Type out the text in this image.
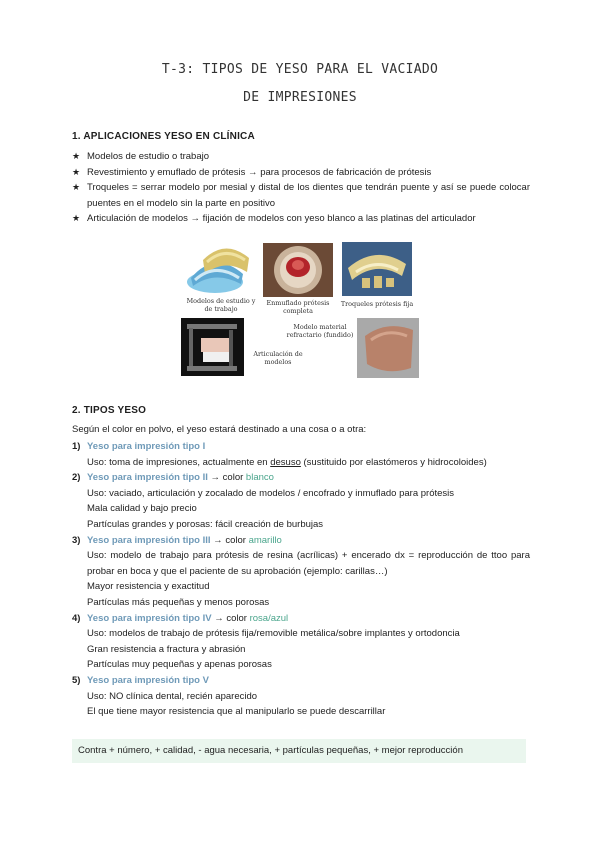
T-3: TIPOS DE YESO PARA EL VACIADO
DE IMPRESIONES
1. APLICACIONES YESO EN CLÍNICA
★ Modelos de estudio o trabajo
★ Revestimiento y emuflado de prótesis → para procesos de fabricación de prótesis
★ Troqueles = serrar modelo por mesial y distal de los dientes que tendrán puente y así se puede colocar puentes en el modelo sin la parte en positivo
★ Articulación de modelos → fijación de modelos con yeso blanco a las platinas del articulador
Modelos de estudio y de trabajo
Enmuflado prótesis completa
Troqueles prótesis fija
Articulación de modelos
Modelo material refractario (fundido)
2. TIPOS YESO
Según el color en polvo, el yeso estará destinado a una cosa o a otra:
1) Yeso para impresión tipo I
Uso: toma de impresiones, actualmente en desuso (sustituido por elastómeros y hidrocoloides)
2) Yeso para impresión tipo II → color blanco
Uso: vaciado, articulación y zocalado de modelos / encofrado y inmuflado para prótesis
Mala calidad y bajo precio
Partículas grandes y porosas: fácil creación de burbujas
3) Yeso para impresión tipo III → color amarillo
Uso: modelo de trabajo para prótesis de resina (acrílicas) + encerado dx = reproducción de ttoo para probar en boca y que el paciente de su aprobación (ejemplo: carillas…)
Mayor resistencia y exactitud
Partículas más pequeñas y menos porosas
4) Yeso para impresión tipo IV → color rosa/azul
Uso: modelos de trabajo de prótesis fija/removible metálica/sobre implantes y ortodoncia
Gran resistencia a fractura y abrasión
Partículas muy pequeñas y apenas porosas
5) Yeso para impresión tipo V
Uso: NO clínica dental, recién aparecido
El que tiene mayor resistencia que al manipularlo se puede descarrillar
Contra + número, + calidad, - agua necesaria, + partículas pequeñas, + mejor reproducción
